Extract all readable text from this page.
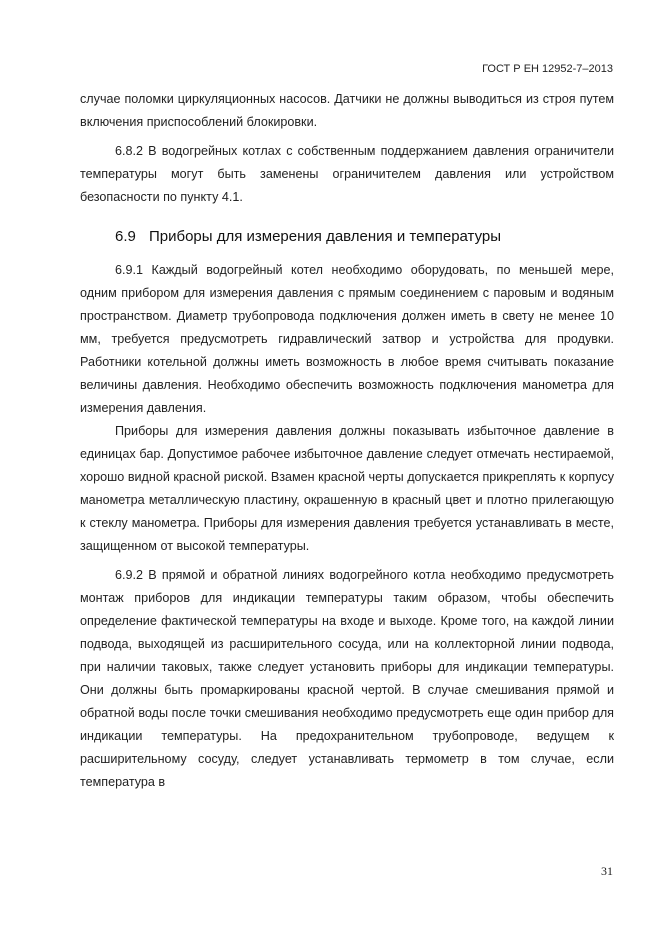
ГОСТ Р ЕН 12952-7–2013

случае поломки циркуляционных насосов. Датчики не должны выводиться из строя путем включения приспособлений блокировки.

6.8.2 В водогрейных котлах с собственным поддержанием давления ограничители температуры могут быть заменены ограничителем давления или устройством безопасности по пункту 4.1.

6.9 Приборы для измерения давления и температуры

6.9.1 Каждый водогрейный котел необходимо оборудовать, по меньшей мере, одним прибором для измерения давления с прямым соединением с паровым и водяным пространством. Диаметр трубопровода подключения должен иметь в свету не менее 10 мм, требуется предусмотреть гидравлический затвор и устройства для продувки. Работники котельной должны иметь возможность в любое время считывать показание величины давления. Необходимо обеспечить возможность подключения манометра для измерения давления.

Приборы для измерения давления должны показывать избыточное давление в единицах бар. Допустимое рабочее избыточное давление следует отмечать нестираемой, хорошо видной красной риской. Взамен красной черты допускается прикреплять к корпусу манометра металлическую пластину, окрашенную в красный цвет и плотно прилегающую к стеклу манометра. Приборы для измерения давления требуется устанавливать в месте, защищенном от высокой температуры.

6.9.2 В прямой и обратной линиях водогрейного котла необходимо предусмотреть монтаж приборов для индикации температуры таким образом, чтобы обеспечить определение фактической температуры на входе и выходе. Кроме того, на каждой линии подвода, выходящей из расширительного сосуда, или на коллекторной линии подвода, при наличии таковых, также следует установить приборы для индикации температуры. Они должны быть промаркированы красной чертой. В случае смешивания прямой и обратной воды после точки смешивания необходимо предусмотреть еще один прибор для индикации температуры. На предохранительном трубопроводе, ведущем к расширительному сосуду, следует устанавливать термометр в том случае, если температура в

31
